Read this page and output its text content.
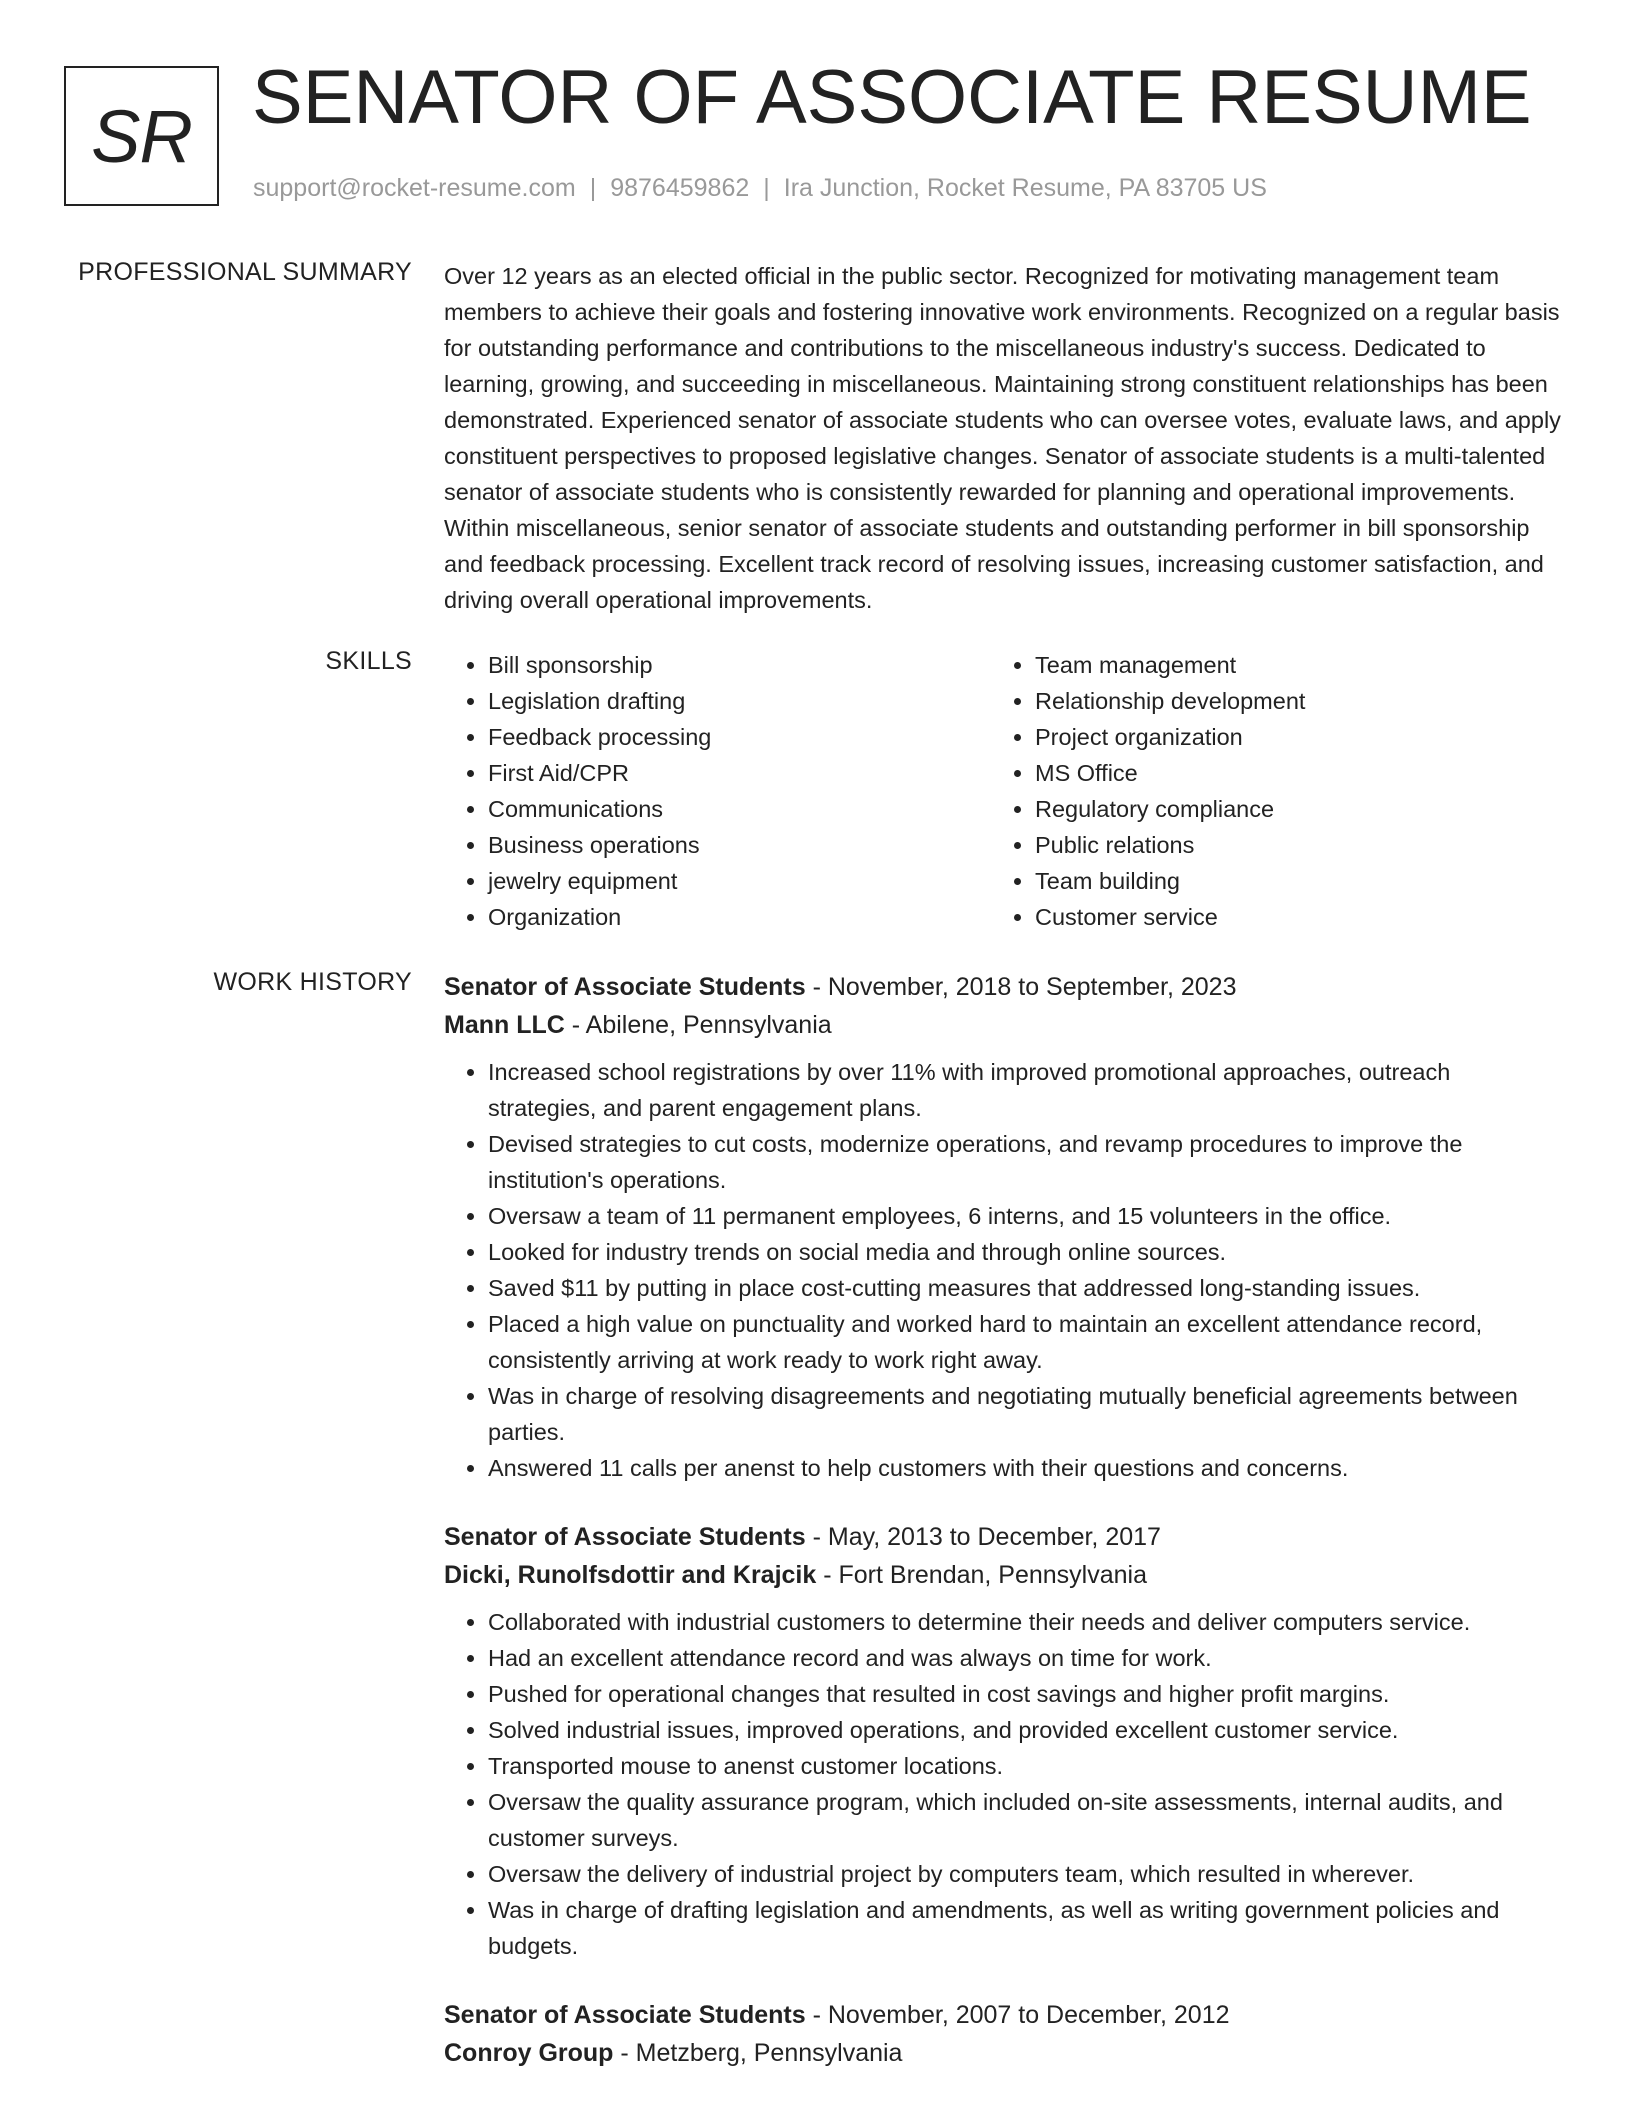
SR SENATOR OF ASSOCIATE RESUME
support@rocket-resume.com | 9876459862 | Ira Junction, Rocket Resume, PA 83705 US
PROFESSIONAL SUMMARY Over 12 years as an elected official in the public sector. Recognized for motivating management team members to achieve their goals and fostering innovative work environments. Recognized on a regular basis for outstanding performance and contributions to the miscellaneous industry's success. Dedicated to learning, growing, and succeeding in miscellaneous. Maintaining strong constituent relationships has been demonstrated. Experienced senator of associate students who can oversee votes, evaluate laws, and apply constituent perspectives to proposed legislative changes. Senator of associate students is a multi-talented senator of associate students who is consistently rewarded for planning and operational improvements. Within miscellaneous, senior senator of associate students and outstanding performer in bill sponsorship and feedback processing. Excellent track record of resolving issues, increasing customer satisfaction, and driving overall operational improvements.

SKILLS
•	Bill sponsorship
• Legislation drafting
• Feedback processing
• First Aid/CPR
• Communications
• Business operations
• jewelry equipment
• Organization
• Team management
• Relationship development
• Project organization
• MS Office
• Regulatory compliance
• Public relations
• Team building
• Customer service
WORK HISTORY Senator of Associate Students - November, 2018 to September, 2023
Mann LLC - Abilene, Pennsylvania
• Increased school registrations by over 11% with improved promotional approaches, outreach strategies, and parent engagement plans.
• Devised strategies to cut costs, modernize operations, and revamp procedures to improve the institution's operations.
• Oversaw a team of 11 permanent employees, 6 interns, and 15 volunteers in the office.
• Looked for industry trends on social media and through online sources.
• Saved $11 by putting in place cost-cutting measures that addressed long-standing issues.
• Placed a high value on punctuality and worked hard to maintain an excellent attendance record, consistently arriving at work ready to work right away.
• Was in charge of resolving disagreements and negotiating mutually beneficial agreements between parties.
• Answered 11 calls per anenst to help customers with their questions and concerns.
Senator of Associate Students - May, 2013 to December, 2017
Dicki, Runolfsdottir and Krajcik - Fort Brendan, Pennsylvania
• Collaborated with industrial customers to determine their needs and deliver computers service.
• Had an excellent attendance record and was always on time for work.
• Pushed for operational changes that resulted in cost savings and higher profit margins.
• Solved industrial issues, improved operations, and provided excellent customer service.
• Transported mouse to anenst customer locations.
• Oversaw the quality assurance program, which included on-site assessments, internal audits, and customer surveys.
• Oversaw the delivery of industrial project by computers team, which resulted in wherever.
• Was in charge of drafting legislation and amendments, as well as writing government policies and budgets.
Senator of Associate Students - November, 2007 to December, 2012
Conroy Group - Metzberg, Pennsylvania
